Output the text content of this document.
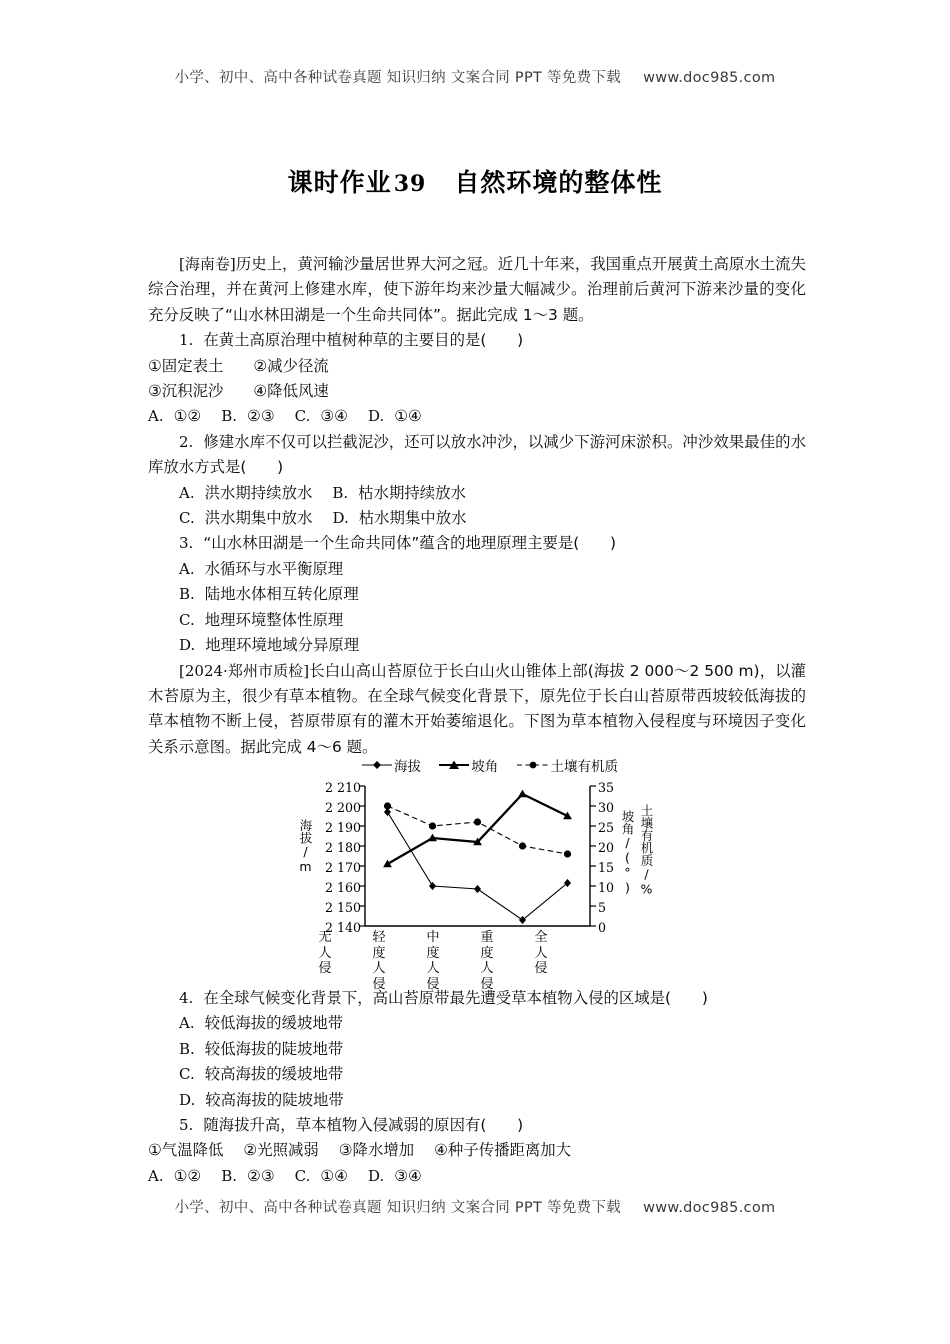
小学、初中、高中各种试卷真题 知识归纳 文案合同 PPT 等免费下载 www.doc985.com
课时作业39 自然环境的整体性

[海南卷]历史上，黄河输沙量居世界大河之冠。近几十年来，我国重点开展黄土高原水土流失综合治理，并在黄河上修建水库，使下游年均来沙量大幅减少。治理前后黄河下游来沙量的变化充分反映了“山水林田湖是一个生命共同体”。据此完成 1～3 题。

1. 在黄土高原治理中植树种草的主要目的是(　　)

①固定表土 ②减少径流

③沉积泥沙 ④降低风速

A. ①② B. ②③ C. ③④ D. ①④

2. 修建水库不仅可以拦截泥沙，还可以放水冲沙，以减少下游河床淤积。冲沙效果最佳的水库放水方式是(　　)

A. 洪水期持续放水 B. 枯水期持续放水

C. 洪水期集中放水 D. 枯水期集中放水

3. “山水林田湖是一个生命共同体”蕴含的地理原理主要是(　　)

A. 水循环与水平衡原理

B. 陆地水体相互转化原理

C. 地理环境整体性原理

D. 地理环境地域分异原理

[2024·郑州市质检]长白山高山苔原位于长白山火山锥体上部(海拔 2 000～2 500 m)，以灌木苔原为主，很少有草本植物。在全球气候变化背景下，原先位于长白山苔原带西坡较低海拔的草本植物不断上侵，苔原带原有的灌木开始萎缩退化。下图为草本植物入侵程度与环境因子变化关系示意图。据此完成 4～6 题。

海拔	坡角	土壤有机质
海拔/m	坡角/(°) 土壤有机质/%
2 210
2 200
2 190
2 180
2 170
2 160
2 150
2 140
35
30
25
20
15
10
5
0
无
人
侵
轻
度
人
侵
中
度
人
侵
重
度
人
侵
全
人
侵

4. 在全球气候变化背景下，高山苔原带最先遭受草本植物入侵的区域是(　　)

A. 较低海拔的缓坡地带

B. 较低海拔的陡坡地带

C. 较高海拔的缓坡地带

D. 较高海拔的陡坡地带

5. 随海拔升高，草本植物入侵减弱的原因有(　　)

①气温降低 ②光照减弱 ③降水增加 ④种子传播距离加大

A. ①② B. ②③ C. ①④ D. ③④

小学、初中、高中各种试卷真题 知识归纳 文案合同 PPT 等免费下载 www.doc985.com
